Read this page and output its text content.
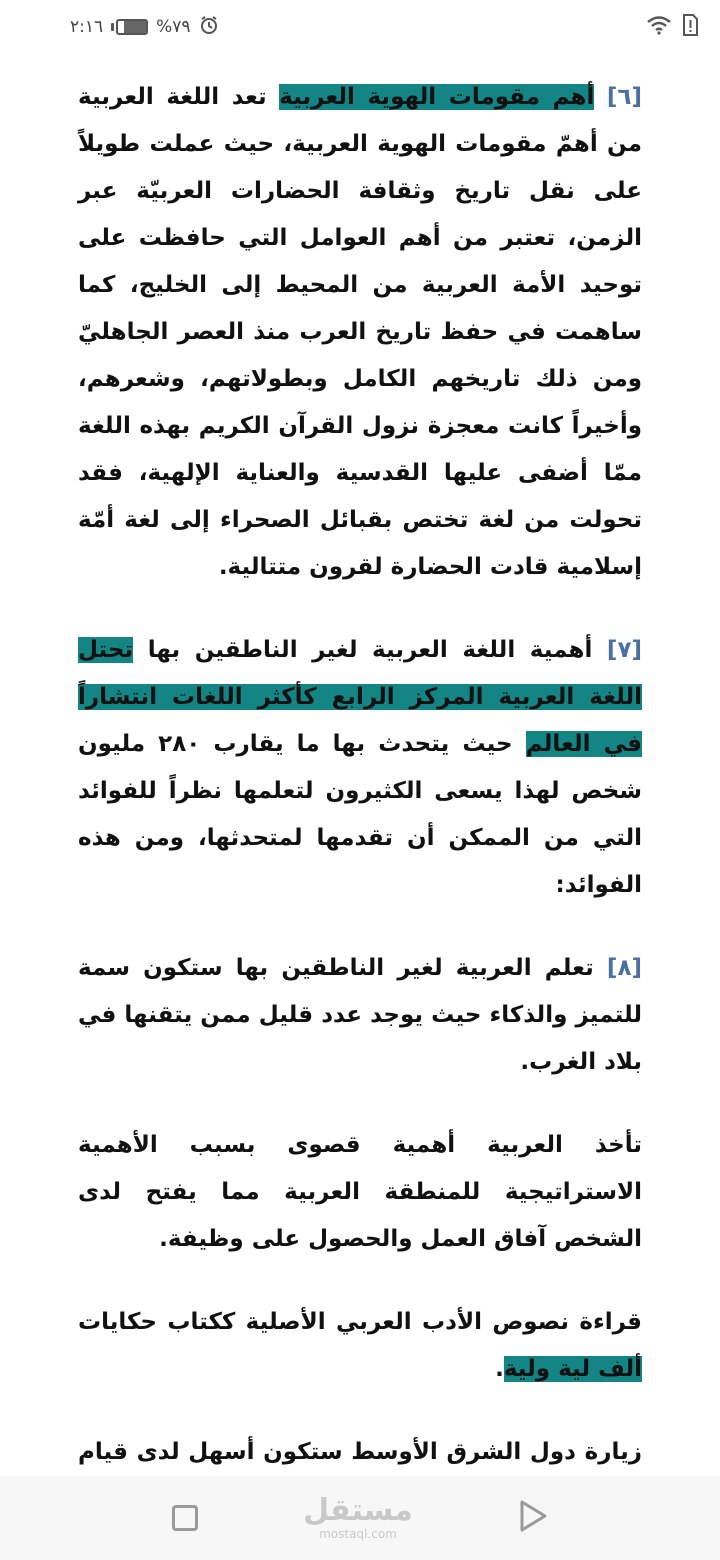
٢:١٦	%٧٩

[٦] أهم مقومات الهوية العربية تعد اللغة العربية من أهمّ مقومات الهوية العربية، حيث عملت طويلاً على نقل تاريخ وثقافة الحضارات العربيّة عبر الزمن، تعتبر من أهم العوامل التي حافظت على توحيد الأمة العربية من المحيط إلى الخليج، كما ساهمت في حفظ تاريخ العرب منذ العصر الجاهليّ ومن ذلك تاريخهم الكامل وبطولاتهم، وشعرهم، وأخيراً كانت معجزة نزول القرآن الكريم بهذه اللغة ممّا أضفى عليها القدسية والعناية الإلهية، فقد تحولت من لغة تختص بقبائل الصحراء إلى لغة أمّة إسلامية قادت الحضارة لقرون متتالية.

[٧] أهمية اللغة العربية لغير الناطقين بها تحتل اللغة العربية المركز الرابع كأكثر اللغات انتشاراً في العالم حيث يتحدث بها ما يقارب ٢٨٠ مليون شخص لهذا يسعى الكثيرون لتعلمها نظراً للفوائد التي من الممكن أن تقدمها لمتحدثها، ومن هذه الفوائد:

[٨] تعلم العربية لغير الناطقين بها ستكون سمة للتميز والذكاء حيث يوجد عدد قليل ممن يتقنها في بلاد الغرب.

تأخذ العربية أهمية قصوى بسبب الأهمية الاستراتيجية للمنطقة العربية مما يفتح لدى الشخص آفاق العمل والحصول على وظيفة.

قراءة نصوص الأدب العربي الأصلية ككتاب حكايات ألف لية ولية.

زيارة دول الشرق الأوسط ستكون أسهل لدى قيام

مستقل
mostaql.com
